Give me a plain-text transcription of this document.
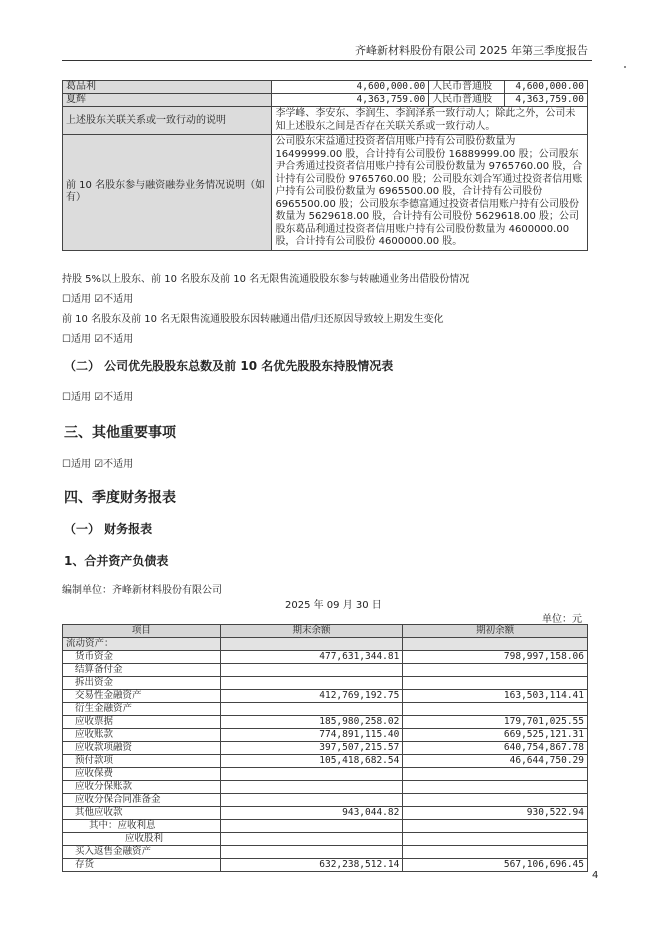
齐峰新材料股份有限公司 2025 年第三季度报告
葛品利	4,600,000.00	人民币普通股	4,600,000.00
夏辉	4,363,759.00	人民币普通股	4,363,759.00
上述股东关联关系或一致行动的说明	李学峰、李安东、李润生、李润泽系一致行动人；除此之外，公司未知上述股东之间是否存在关联关系或一致行动人。		
前 10 名股东参与融资融券业务情况说明（如有）	公司股东宋益通过投资者信用账户持有公司股份数量为 16499999.00 股，合计持有公司股份 16889999.00 股；公司股东尹合秀通过投资者信用账户持有公司股份数量为 9765760.00 股，合计持有公司股份 9765760.00 股；公司股东刘合军通过投资者信用账户持有公司股份数量为 6965500.00 股，合计持有公司股份 6965500.00 股；公司股东李德富通过投资者信用账户持有公司股份数量为 5629618.00 股，合计持有公司股份 5629618.00 股；公司股东葛品利通过投资者信用账户持有公司股份数量为 4600000.00 股，合计持有公司股份 4600000.00 股。		
持股 5%以上股东、前 10 名股东及前 10 名无限售流通股股东参与转融通业务出借股份情况
☐适用 ☑不适用
前 10 名股东及前 10 名无限售流通股股东因转融通出借/归还原因导致较上期发生变化
☐适用 ☑不适用
（二） 公司优先股股东总数及前 10 名优先股股东持股情况表
☐适用 ☑不适用
三、其他重要事项
☐适用 ☑不适用
四、季度财务报表
（一） 财务报表
1、合并资产负债表
编制单位：齐峰新材料股份有限公司
2025 年 09 月 30 日
单位：元
项目	期末余额	期初余额
流动资产：		
货币资金	477,631,344.81	798,997,158.06
结算备付金		
拆出资金		
交易性金融资产	412,769,192.75	163,503,114.41
衍生金融资产		
应收票据	185,980,258.02	179,701,025.55
应收账款	774,891,115.40	669,525,121.31
应收款项融资	397,507,215.57	640,754,867.78
预付款项	105,418,682.54	46,644,750.29
应收保费		
应收分保账款		
应收分保合同准备金		
其他应收款	943,044.82	930,522.94
其中：应收利息		
应收股利		
买入返售金融资产		
存货	632,238,512.14	567,106,696.45
4
